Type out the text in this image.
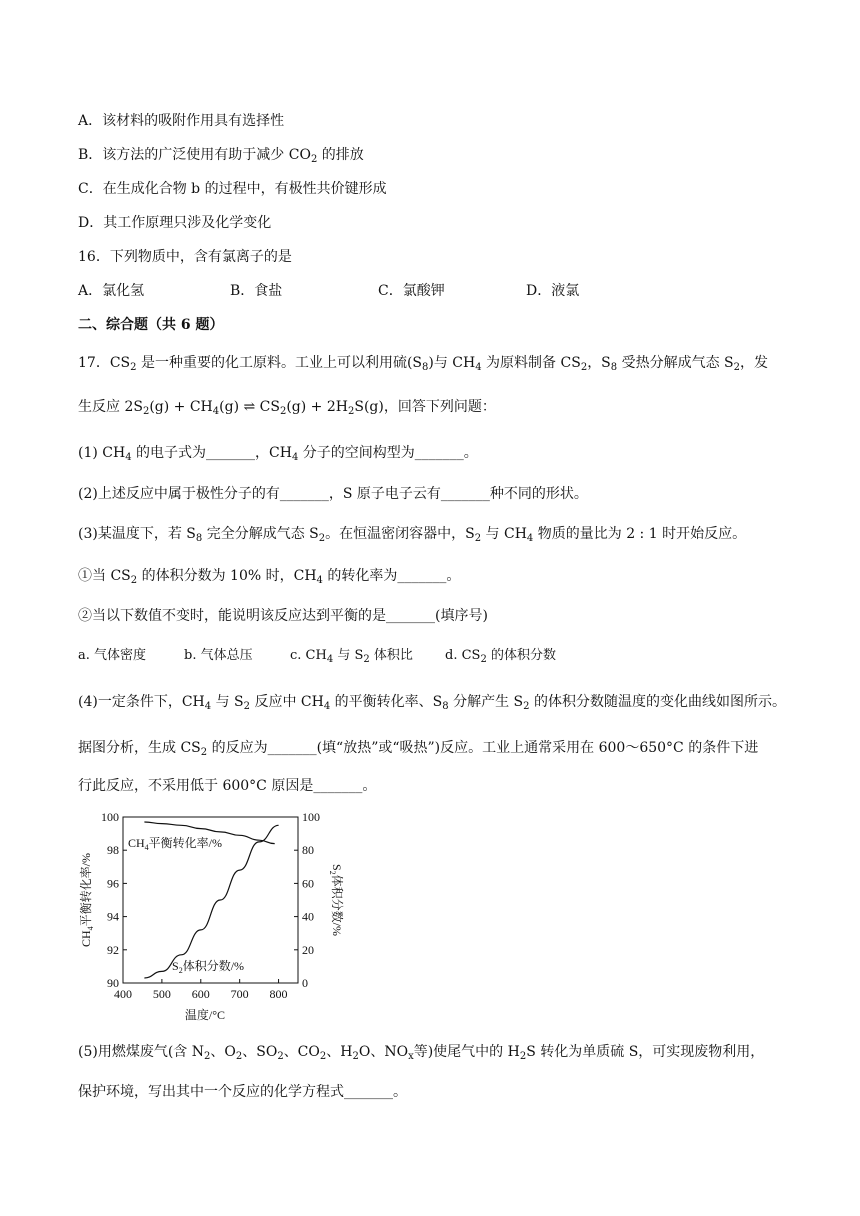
A．该材料的吸附作用具有选择性
B．该方法的广泛使用有助于减少 $CO_2$ 的排放
C．在生成化合物 b 的过程中，有极性共价键形成
D．其工作原理只涉及化学变化
16．下列物质中，含有氯离子的是
A．氯化氢	B．食盐	C．氯酸钾	D．液氯
二、综合题（共 6 题）
17．$CS_2$ 是一种重要的化工原料。工业上可以利用硫$(S_8)$与 $CH_4$ 为原料制备 $CS_2$，$S_8$ 受热分解成气态 $S_2$，发
生反应 $2S_2(g) + CH_4(g)$ ⇌ $CS_2(g) + 2H_2S(g)$，回答下列问题：
(1) $CH_4$ 的电子式为_______，$CH_4$ 分子的空间构型为_______。
(2)上述反应中属于极性分子的有_______，S 原子电子云有_______种不同的形状。
(3)某温度下，若 $S_8$ 完全分解成气态 $S_2$。在恒温密闭容器中，$S_2$ 与 $CH_4$ 物质的量比为 2 : 1 时开始反应。
①当 $CS_2$ 的体积分数为 10% 时，$CH_4$ 的转化率为_______。
②当以下数值不变时，能说明该反应达到平衡的是_______(填序号)
a. 气体密度	b. 气体总压	c. $CH_4$ 与 $S_2$ 体积比 d. $CS_2$ 的体积分数
(4)一定条件下，$CH_4$ 与 $S_2$ 反应中 $CH_4$ 的平衡转化率、$S_8$ 分解产生 $S_2$ 的体积分数随温度的变化曲线如图所示。
据图分析，生成 $CS_2$ 的反应为_______(填“放热”或“吸热”)反应。工业上通常采用在 600～650°C 的条件下进
行此反应，不采用低于 600°C 原因是_______。
400 500 600 700 800
90
92
94
96
98
100
0
20
40
60
80
100
温度/°C
$CH_4$平衡转化率/%	$S_2$体积分数/%
$CH_4$平衡转化率/%
$S_2$体积分数/%
(5)用燃煤废气(含 $N_2$、$O_2$、$SO_2$、$CO_2$、$H_2O$、$NO_x$等)使尾气中的 $H_2S$ 转化为单质硫 S，可实现废物利用，
保护环境，写出其中一个反应的化学方程式_______。
